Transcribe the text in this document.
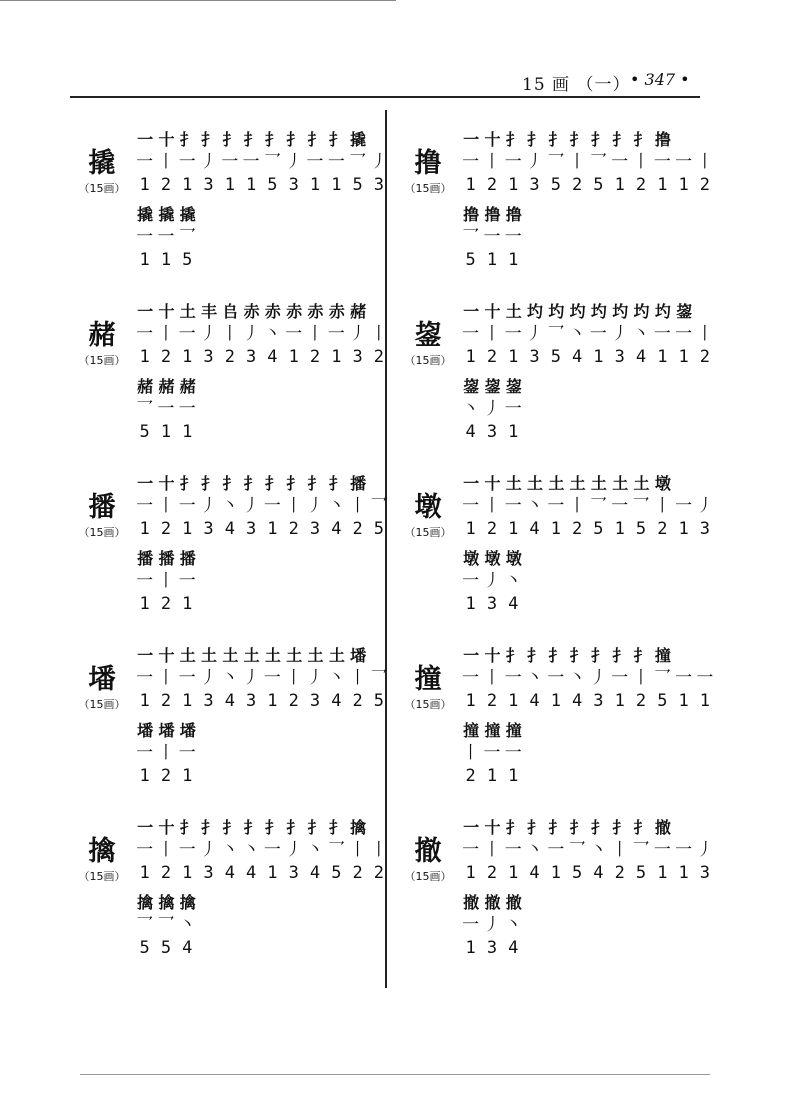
15 画 （一） • 347 •
撬
（15画）
一 十 扌 扌 扌 扌 扌 扌 扌 扌 撬
一 丨 一 丿 一 一 乛 丿 一 一 乛 丿
1 2 1 3 1 1 5 3 1 1 5 3
撬 撬 撬
一 一 乛
1 1 5
赭
（15画）
一 十 土 丰 𠂤 赤 赤 赤 赤 赤 赭
一 丨 一 丿 丨 丿 丶 一 丨 一 丿 丨
1 2 1 3 2 3 4 1 2 1 3 2
赭 赭 赭
乛 一 一
5 1 1
播
（15画）
一 十 扌 扌 扌 扌 扌 扌 扌 扌 播
一 丨 一 丿 丶 丿 一 丨 丿 丶 丨 乛
1 2 1 3 4 3 1 2 3 4 2 5
播 播 播
一 丨 一
1 2 1
墦
（15画）
一 十 土 土 土 土 土 土 土 土 墦
一 丨 一 丿 丶 丿 一 丨 丿 丶 丨 乛
1 2 1 3 4 3 1 2 3 4 2 5
墦 墦 墦
一 丨 一
1 2 1
擒
（15画）
一 十 扌 扌 扌 扌 扌 扌 扌 扌 擒
一 丨 一 丿 丶 丶 一 丿 丶 乛 丨 丨
1 2 1 3 4 4 1 3 4 5 2 2
擒 擒 擒
乛 乛 丶
5 5 4
撸
（15画）
一 十 扌 扌 扌 扌 扌 扌 扌 撸
一 丨 一 丿 乛 丨 乛 一 丨 一 一 丨
1 2 1 3 5 2 5 1 2 1 1 2
撸 撸 撸
乛 一 一
5 1 1
鋆
（15画）
一 十 土 圴 圴 圴 圴 圴 圴 圴 鋆
一 丨 一 丿 乛 丶 一 丿 丶 一 一 丨
1 2 1 3 5 4 1 3 4 1 1 2
鋆 鋆 鋆
丶 丿 一
4 3 1
墩
（15画）
一 十 土 土 土 土 土 土 土 墩
一 丨 一 丶 一 丨 乛 一 乛 丨 一 丿
1 2 1 4 1 2 5 1 5 2 1 3
墩 墩 墩
一 丿 丶
1 3 4
撞
（15画）
一 十 扌 扌 扌 扌 扌 扌 扌 撞
一 丨 一 丶 一 丶 丿 一 丨 乛 一 一
1 2 1 4 1 4 3 1 2 5 1 1
撞 撞 撞
丨 一 一
2 1 1
撤
（15画）
一 十 扌 扌 扌 扌 扌 扌 扌 撤
一 丨 一 丶 一 乛 丶 丨 乛 一 一 丿
1 2 1 4 1 5 4 2 5 1 1 3
撤 撤 撤
一 丿 丶
1 3 4
